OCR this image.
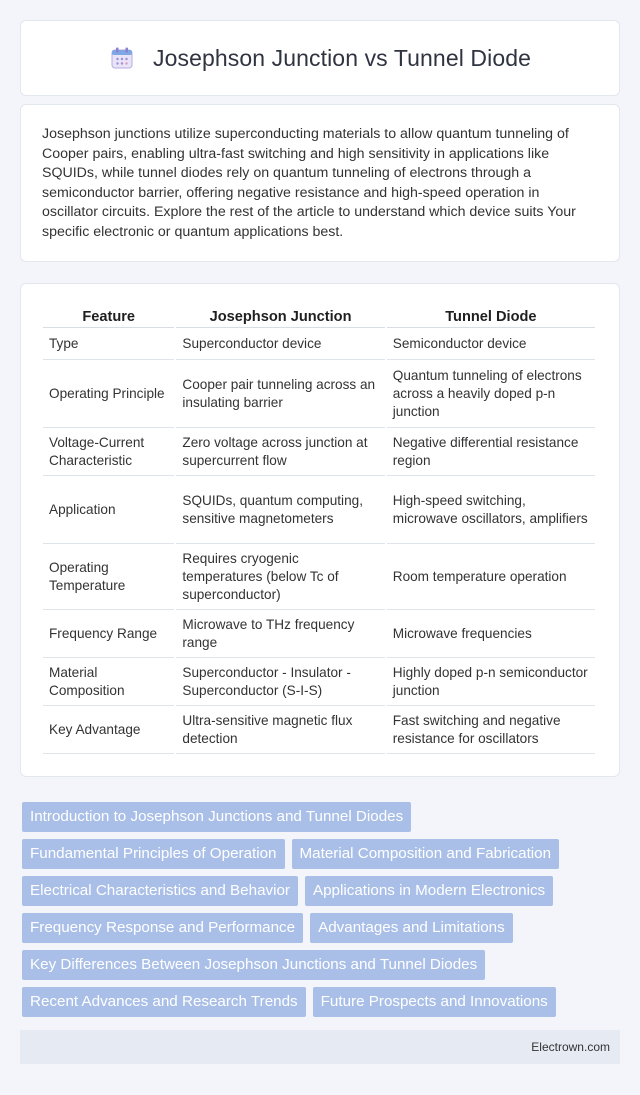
Josephson Junction vs Tunnel Diode

Josephson junctions utilize superconducting materials to allow quantum tunneling of Cooper pairs, enabling ultra-fast switching and high sensitivity in applications like SQUIDs, while tunnel diodes rely on quantum tunneling of electrons through a semiconductor barrier, offering negative resistance and high-speed operation in oscillator circuits. Explore the rest of the article to understand which device suits Your specific electronic or quantum applications best.

Feature	Josephson Junction	Tunnel Diode
Type	Superconductor device	Semiconductor device
Operating Principle	Cooper pair tunneling across an insulating barrier	Quantum tunneling of electrons across a heavily doped p-n junction
Voltage-Current Characteristic	Zero voltage across junction at supercurrent flow	Negative differential resistance region
Application	SQUIDs, quantum computing, sensitive magnetometers	High-speed switching, microwave oscillators, amplifiers
Operating Temperature	Requires cryogenic temperatures (below Tc of superconductor)	Room temperature operation
Frequency Range	Microwave to THz frequency range	Microwave frequencies
Material Composition	Superconductor - Insulator - Superconductor (S-I-S)	Highly doped p-n semiconductor junction
Key Advantage	Ultra-sensitive magnetic flux detection	Fast switching and negative resistance for oscillators
Introduction to Josephson Junctions and Tunnel Diodes
Fundamental Principles of Operation	Material Composition and Fabrication
Electrical Characteristics and Behavior	Applications in Modern Electronics
Frequency Response and Performance	Advantages and Limitations
Key Differences Between Josephson Junctions and Tunnel Diodes
Recent Advances and Research Trends	Future Prospects and Innovations
Electrown.com
